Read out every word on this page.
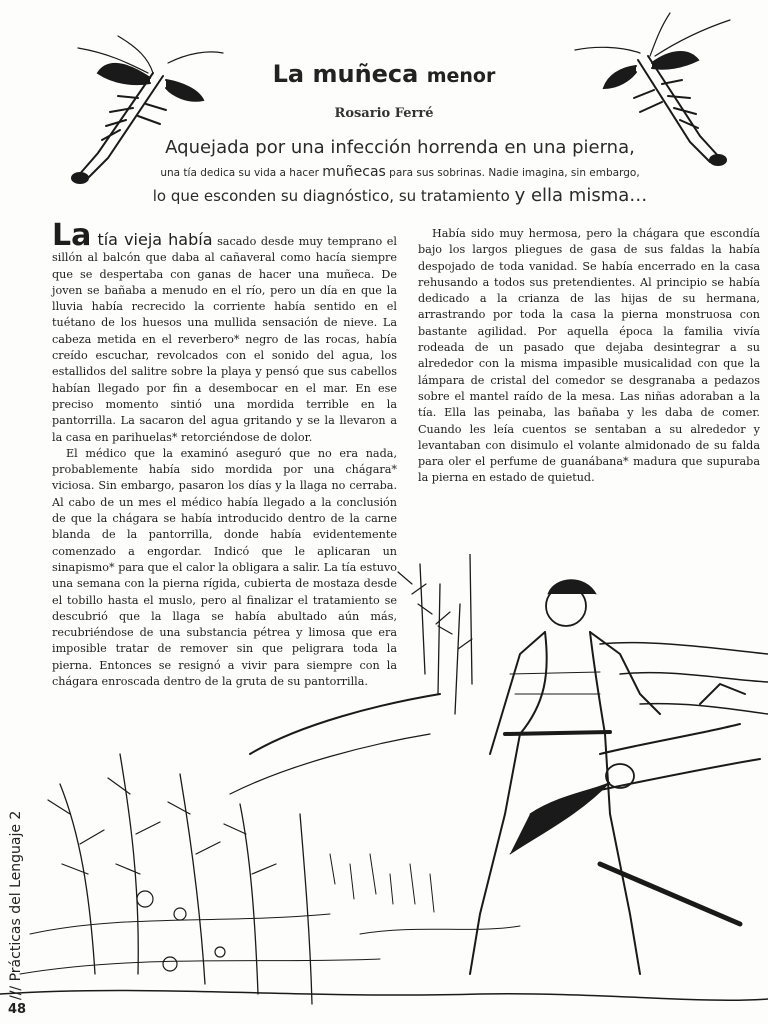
La muñeca menor
Rosario Ferré
Aquejada por una infección horrenda en una pierna,
una tía dedica su vida a hacer muñecas para sus sobrinas. Nadie imagina, sin embargo,
lo que esconden su diagnóstico, su tratamiento y ella misma…

La tía vieja había sacado desde muy temprano el sillón al balcón que daba al cañaveral como hacía siempre que se despertaba con ganas de hacer una muñeca. De joven se bañaba a menudo en el río, pero un día en que la lluvia había recrecido la corriente había sentido en el tuétano de los huesos una mullida sensación de nieve. La cabeza metida en el reverbero* negro de las rocas, había creído escuchar, revolcados con el sonido del agua, los estallidos del salitre sobre la playa y pensó que sus cabellos habían llegado por fin a desembocar en el mar. En ese preciso momento sintió una mordida terrible en la pantorrilla. La sacaron del agua gritando y se la llevaron a la casa en parihuelas* retorciéndose de dolor.

El médico que la examinó aseguró que no era nada, probablemente había sido mordida por una chágara* viciosa. Sin embargo, pasaron los días y la llaga no cerraba. Al cabo de un mes el médico había llegado a la conclusión de que la chágara se había introducido dentro de la carne blanda de la pantorrilla, donde había evidentemente comenzado a engordar. Indicó que le aplicaran un sinapismo* para que el calor la obligara a salir. La tía estuvo una semana con la pierna rígida, cubierta de mostaza desde el tobillo hasta el muslo, pero al finalizar el tratamiento se descubrió que la llaga se había abultado aún más, recubriéndose de una substancia pétrea y limosa que era imposible tratar de remover sin que peligrara toda la pierna. Entonces se resignó a vivir para siempre con la chágara enroscada dentro de la gruta de su pantorrilla.

Había sido muy hermosa, pero la chágara que escondía bajo los largos pliegues de gasa de sus faldas la había despojado de toda vanidad. Se había encerrado en la casa rehusando a todos sus pretendientes. Al principio se había dedicado a la crianza de las hijas de su hermana, arrastrando por toda la casa la pierna monstruosa con bastante agilidad. Por aquella época la familia vivía rodeada de un pasado que dejaba desintegrar a su alrededor con la misma impasible musicalidad con que la lámpara de cristal del comedor se desgranaba a pedazos sobre el mantel raído de la mesa. Las niñas adoraban a la tía. Ella las peinaba, las bañaba y les daba de comer. Cuando les leía cuentos se sentaban a su alrededor y levantaban con disimulo el volante almidonado de su falda para oler el perfume de guanábana* madura que supuraba la pierna en estado de quietud.

/// Prácticas del Lenguaje 2
48
